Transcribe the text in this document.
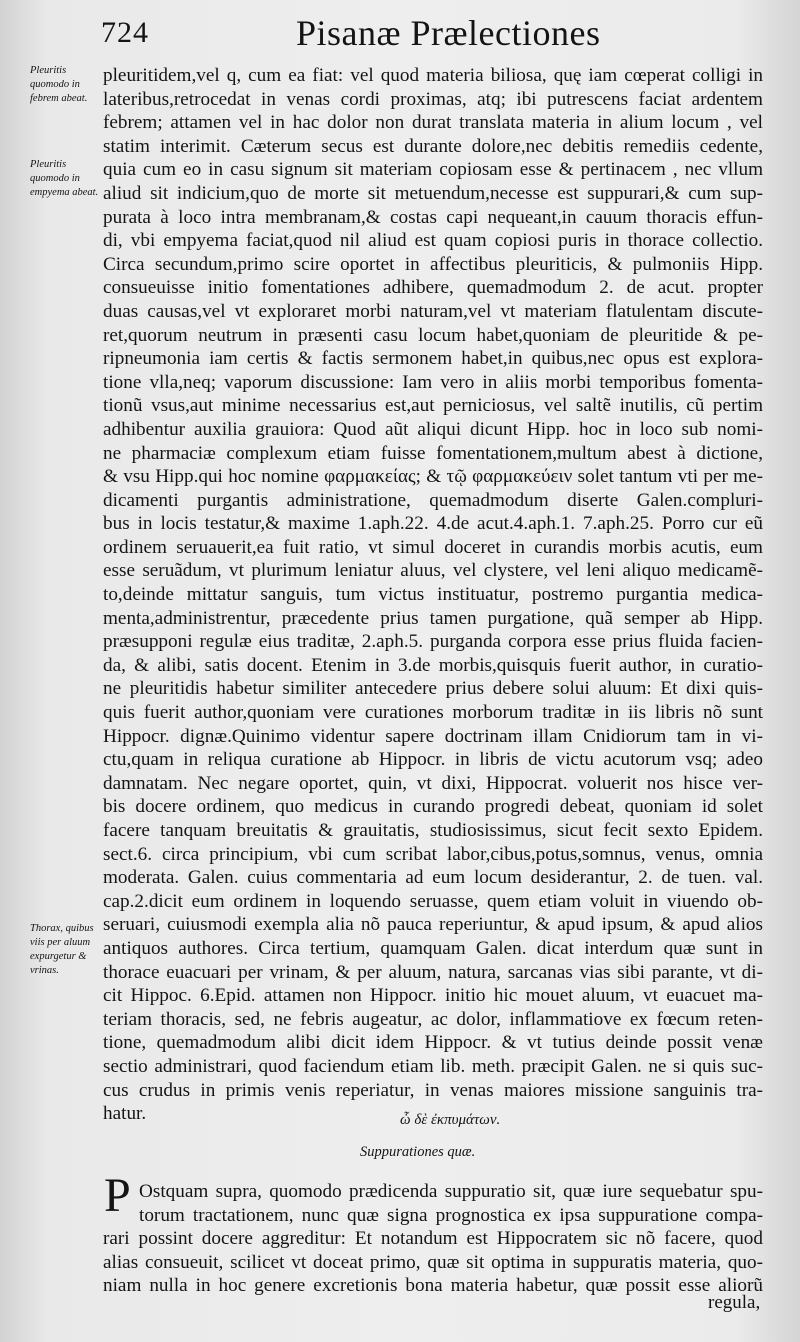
724	Pisanæ Prælectiones
Pleuritis quomodo in febrem abeat.
Pleuritis quomodo in empyema abeat.
Thorax, quibus viis per aluum expurgetur & vrinas.
pleuritidem,vel q, cum ea fiat: vel quod materia biliosa, quę iam cœperat colligi in
lateribus,retrocedat in venas cordi proximas, atq; ibi putrescens faciat ardentem
febrem; attamen vel in hac dolor non durat translata materia in alium locum , vel
statim interimit. Cæterum secus est durante dolore,nec debitis remediis cedente,
quia cum eo in casu signum sit materiam copiosam esse & pertinacem , nec vllum
aliud sit indicium,quo de morte sit metuendum,necesse est suppurari,& cum sup-
purata à loco intra membranam,& costas capi nequeant,in cauum thoracis effun-
di, vbi empyema faciat,quod nil aliud est quam copiosi puris in thorace collectio.
Circa secundum,primo scire oportet in affectibus pleuriticis, & pulmoniis Hipp.
consueuisse initio fomentationes adhibere, quemadmodum 2. de acut. propter
duas causas,vel vt exploraret morbi naturam,vel vt materiam flatulentam discute-
ret,quorum neutrum in præsenti casu locum habet,quoniam de pleuritide & pe-
ripneumonia iam certis & factis sermonem habet,in quibus,nec opus est explora-
tione vlla,neq; vaporum discussione: Iam vero in aliis morbi temporibus fomenta-
tionũ vsus,aut minime necessarius est,aut perniciosus, vel saltẽ inutilis, cũ pertim
adhibentur auxilia grauiora: Quod aũt aliqui dicunt Hipp. hoc in loco sub nomi-
ne pharmaciæ complexum etiam fuisse fomentationem,multum abest à dictione,
& vsu Hipp.qui hoc nomine φαρμακείας; & τῷ φαρμακεύειν solet tantum vti per me-
dicamenti purgantis administratione, quemadmodum diserte Galen.compluri-
bus in locis testatur,& maxime 1.aph.22. 4.de acut.4.aph.1. 7.aph.25. Porro cur eũ
ordinem seruauerit,ea fuit ratio, vt simul doceret in curandis morbis acutis, eum
esse seruãdum, vt plurimum leniatur aluus, vel clystere, vel leni aliquo medicamẽ-
to,deinde mittatur sanguis, tum victus instituatur, postremo purgantia medica-
menta,administrentur, præcedente prius tamen purgatione, quã semper ab Hipp.
præsupponi regulæ eius traditæ, 2.aph.5. purganda corpora esse prius fluida facien-
da, & alibi, satis docent. Etenim in 3.de morbis,quisquis fuerit author, in curatio-
ne pleuritidis habetur similiter antecedere prius debere solui aluum: Et dixi quis-
quis fuerit author,quoniam vere curationes morborum traditæ in iis libris nõ sunt
Hippocr. dignæ.Quinimo videntur sapere doctrinam illam Cnidiorum tam in vi-
ctu,quam in reliqua curatione ab Hippocr. in libris de victu acutorum vsq; adeo
damnatam. Nec negare oportet, quin, vt dixi, Hippocrat. voluerit nos hisce ver-
bis docere ordinem, quo medicus in curando progredi debeat, quoniam id solet
facere tanquam breuitatis & grauitatis, studiosissimus, sicut fecit sexto Epidem.
sect.6. circa principium, vbi cum scribat labor,cibus,potus,somnus, venus, omnia
moderata. Galen. cuius commentaria ad eum locum desiderantur, 2. de tuen. val.
cap.2.dicit eum ordinem in loquendo seruasse, quem etiam voluit in viuendo ob-
seruari, cuiusmodi exempla alia nõ pauca reperiuntur, & apud ipsum, & apud alios
antiquos authores. Circa tertium, quamquam Galen. dicat interdum quæ sunt in
thorace euacuari per vrinam, & per aluum, natura, sarcanas vias sibi parante, vt di-
cit Hippoc. 6.Epid. attamen non Hippocr. initio hic mouet aluum, vt euacuet ma-
teriam thoracis, sed, ne febris augeatur, ac dolor, inflammatiove ex fœcum reten-
tione, quemadmodum alibi dicit idem Hippocr. & vt tutius deinde possit venæ
sectio administrari, quod faciendum etiam lib. meth. præcipit Galen. ne si quis suc-
cus crudus in primis venis reperiatur, in venas maiores missione sanguinis tra-
hatur.	ὧ δὲ ἐκπυμάτων.
Suppurationes quæ.
P Ostquam supra, quomodo prædicenda suppuratio sit, quæ iure sequebatur spu-
torum tractationem, nunc quæ signa prognostica ex ipsa suppuratione compa-
rari possint docere aggreditur: Et notandum est Hippocratem sic nõ facere, quod
alias consueuit, scilicet vt doceat primo, quæ sit optima in suppuratis materia, quo-
niam nulla in hoc genere excretionis bona materia habetur, quæ possit esse aliorũ
regula,
